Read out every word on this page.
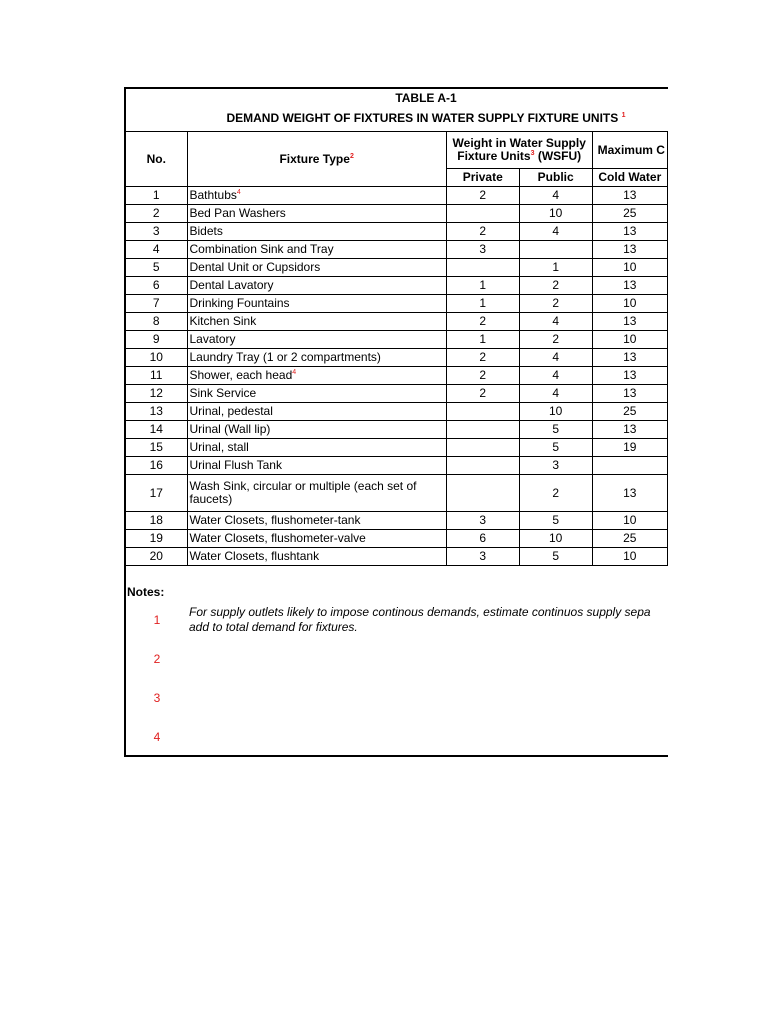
TABLE A-1
DEMAND WEIGHT OF FIXTURES IN WATER SUPPLY FIXTURE UNITS $^1$
No.	Fixture Type$^2$	Weight in Water Supply
Fixture Units$^3$ (WSFU)		Maximum C
		Private	Public	Cold Water
1	Bathtubs$^4$	2	4	13
2	Bed Pan Washers		10	25
3	Bidets	2	4	13
4	Combination Sink and Tray	3		13
5	Dental Unit or Cupsidors		1	10
6	Dental Lavatory	1	2	13
7	Drinking Fountains	1	2	10
8	Kitchen Sink	2	4	13
9	Lavatory	1	2	10
10	Laundry Tray (1 or 2 compartments)	2	4	13
11	Shower, each head$^4$	2	4	13
12	Sink Service	2	4	13
13	Urinal, pedestal		10	25
14	Urinal (Wall lip)		5	13
15	Urinal, stall		5	19
16	Urinal Flush Tank		3	
17	Wash Sink, circular or multiple (each set of faucets)		2	13
18	Water Closets, flushometer-tank	3	5	10
19	Water Closets, flushometer-valve	6	10	25
20	Water Closets, flushtank	3	5	10
Notes:
1
For supply outlets likely to impose continous demands, estimate continuos supply sepa
add to total demand for fixtures.
2
3
4
